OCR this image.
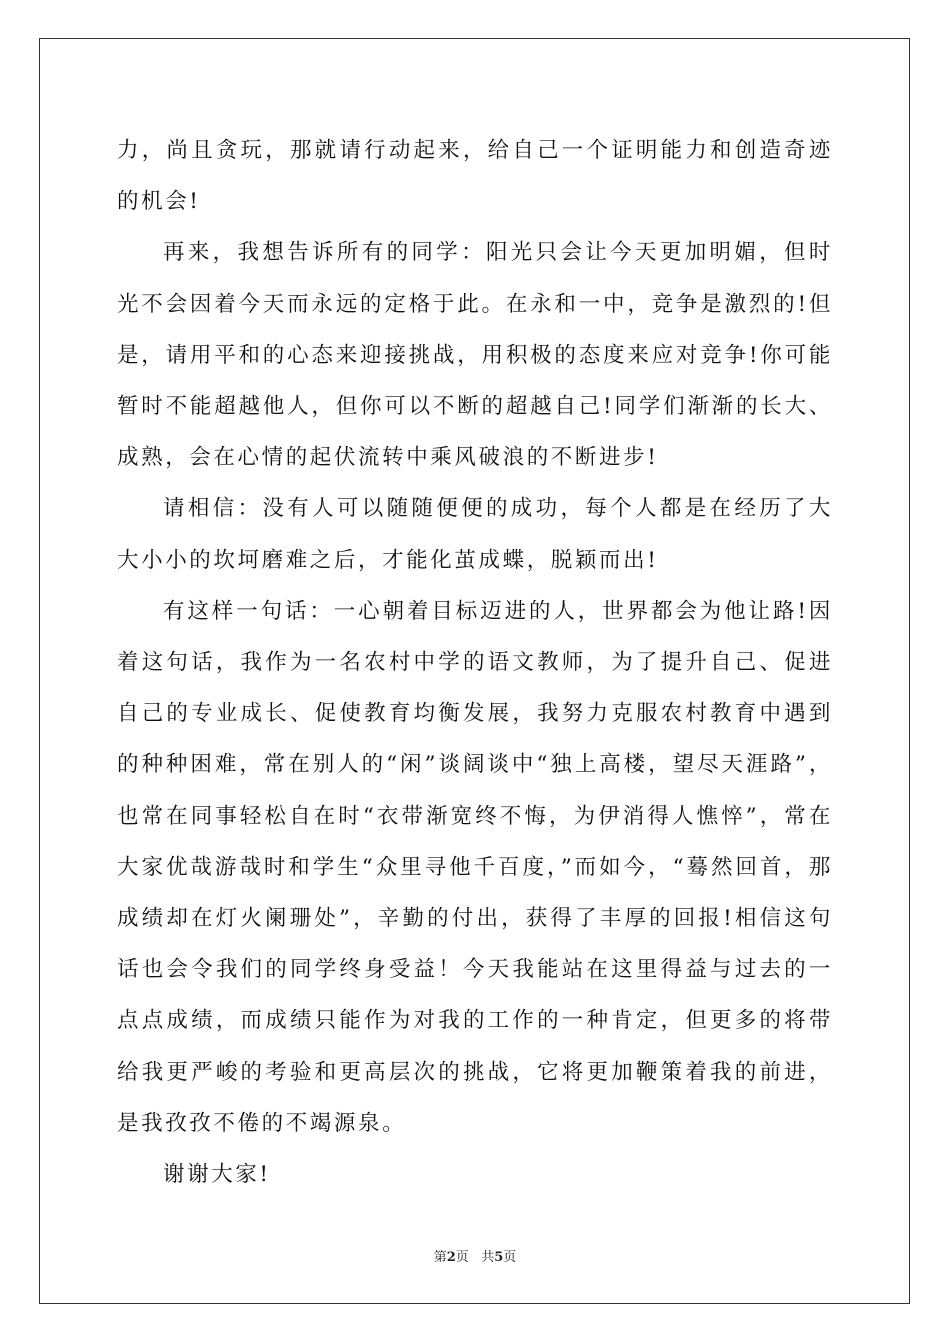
力，尚且贪玩，那就请行动起来，给自己一个证明能力和创造奇迹的机会!

再来，我想告诉所有的同学：阳光只会让今天更加明媚，但时光不会因着今天而永远的定格于此。在永和一中，竞争是激烈的!但是，请用平和的心态来迎接挑战，用积极的态度来应对竞争!你可能暂时不能超越他人，但你可以不断的超越自己!同学们渐渐的长大、成熟，会在心情的起伏流转中乘风破浪的不断进步!

请相信：没有人可以随随便便的成功，每个人都是在经历了大大小小的坎坷磨难之后，才能化茧成蝶，脱颖而出!

有这样一句话：一心朝着目标迈进的人，世界都会为他让路!因着这句话，我作为一名农村中学的语文教师，为了提升自己、促进自己的专业成长、促使教育均衡发展，我努力克服农村教育中遇到的种种困难，常在别人的“闲”谈阔谈中“独上高楼，望尽天涯路”，也常在同事轻松自在时“衣带渐宽终不悔，为伊消得人憔悴”，常在大家优哉游哉时和学生“众里寻他千百度，”而如今，“蓦然回首，那成绩却在灯火阑珊处”，辛勤的付出，获得了丰厚的回报!相信这句话也会令我们的同学终身受益！今天我能站在这里得益与过去的一点点成绩，而成绩只能作为对我的工作的一种肯定，但更多的将带给我更严峻的考验和更高层次的挑战，它将更加鞭策着我的前进，是我孜孜不倦的不竭源泉。

谢谢大家!

第2页 共5页
